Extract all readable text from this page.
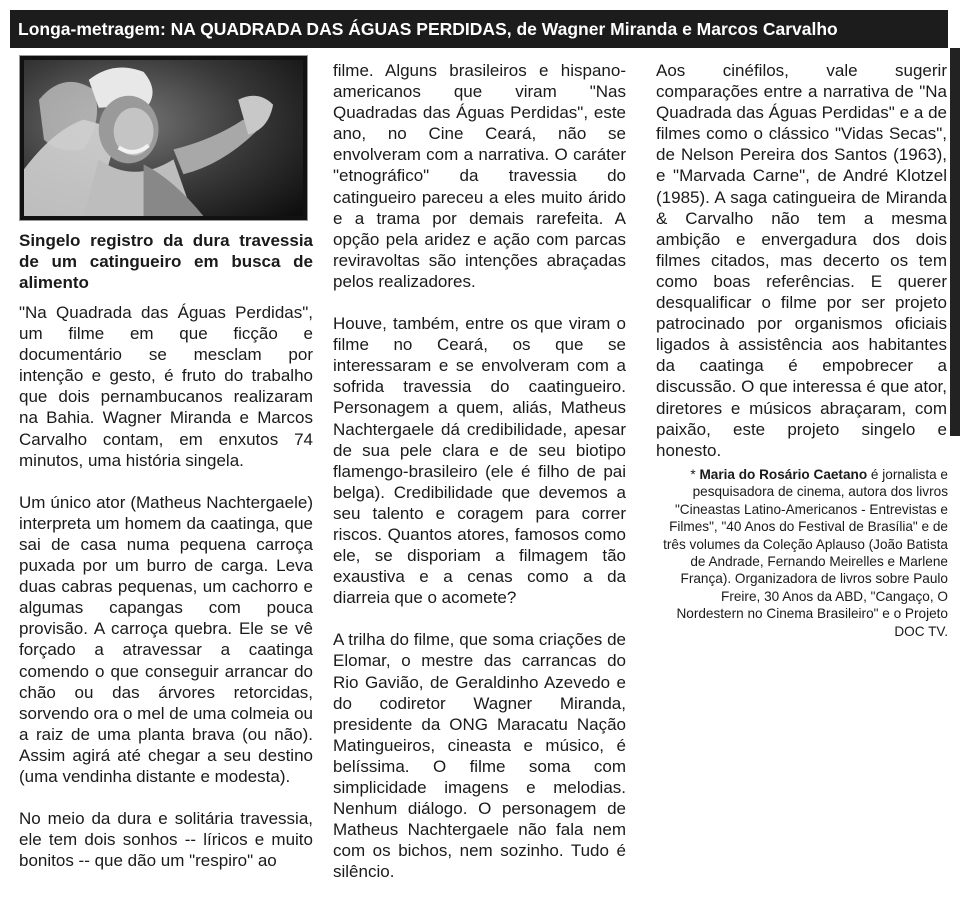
Longa-metragem: NA QUADRADA DAS ÁGUAS PERDIDAS, de Wagner Miranda e Marcos Carvalho
Singelo registro da dura travessia de um catingueiro em busca de alimento

"Na Quadrada das Águas Perdidas", um filme em que ficção e documentário se mesclam por intenção e gesto, é fruto do trabalho que dois pernambucanos realizaram na Bahia. Wagner Miranda e Marcos Carvalho contam, em enxutos 74 minutos, uma história singela.

Um único ator (Matheus Nachtergaele) interpreta um homem da caatinga, que sai de casa numa pequena carroça puxada por um burro de carga. Leva duas cabras pequenas, um cachorro e algumas capangas com pouca provisão. A carroça quebra. Ele se vê forçado a atravessar a caatinga comendo o que conseguir arrancar do chão ou das árvores retorcidas, sorvendo ora o mel de uma colmeia ou a raiz de uma planta brava (ou não). Assim agirá até chegar a seu destino (uma vendinha distante e modesta).

No meio da dura e solitária travessia, ele tem dois sonhos -- líricos e muito bonitos -- que dão um "respiro" ao

filme. Alguns brasileiros e hispano-americanos que viram "Nas Quadradas das Águas Perdidas", este ano, no Cine Ceará, não se envolveram com a narrativa. O caráter "etnográfico" da travessia do catingueiro pareceu a eles muito árido e a trama por demais rarefeita. A opção pela aridez e ação com parcas reviravoltas são intenções abraçadas pelos realizadores.

Houve, também, entre os que viram o filme no Ceará, os que se interessaram e se envolveram com a sofrida travessia do caatingueiro. Personagem a quem, aliás, Matheus Nachtergaele dá credibilidade, apesar de sua pele clara e de seu biotipo flamengo-brasileiro (ele é filho de pai belga). Credibilidade que devemos a seu talento e coragem para correr riscos. Quantos atores, famosos como ele, se disporiam a filmagem tão exaustiva e a cenas como a da diarreia que o acomete?

A trilha do filme, que soma criações de Elomar, o mestre das carrancas do Rio Gavião, de Geraldinho Azevedo e do codiretor Wagner Miranda, presidente da ONG Maracatu Nação Matingueiros, cineasta e músico, é belíssima. O filme soma com simplicidade imagens e melodias. Nenhum diálogo. O personagem de Matheus Nachtergaele não fala nem com os bichos, nem sozinho. Tudo é silêncio.

Aos cinéfilos, vale sugerir comparações entre a narrativa de "Na Quadrada das Águas Perdidas" e a de filmes como o clássico "Vidas Secas", de Nelson Pereira dos Santos (1963), e "Marvada Carne", de André Klotzel (1985). A saga catingueira de Miranda & Carvalho não tem a mesma ambição e envergadura dos dois filmes citados, mas decerto os tem como boas referências. E querer desqualificar o filme por ser projeto patrocinado por organismos oficiais ligados à assistência aos habitantes da caatinga é empobrecer a discussão. O que interessa é que ator, diretores e músicos abraçaram, com paixão, este projeto singelo e honesto.

* Maria do Rosário Caetano é jornalista e pesquisadora de cinema, autora dos livros "Cineastas Latino-Americanos - Entrevistas e Filmes", "40 Anos do Festival de Brasília" e de três volumes da Coleção Aplauso (João Batista de Andrade, Fernando Meirelles e Marlene França). Organizadora de livros sobre Paulo Freire, 30 Anos da ABD, "Cangaço, O Nordestern no Cinema Brasileiro" e o Projeto DOC TV.
